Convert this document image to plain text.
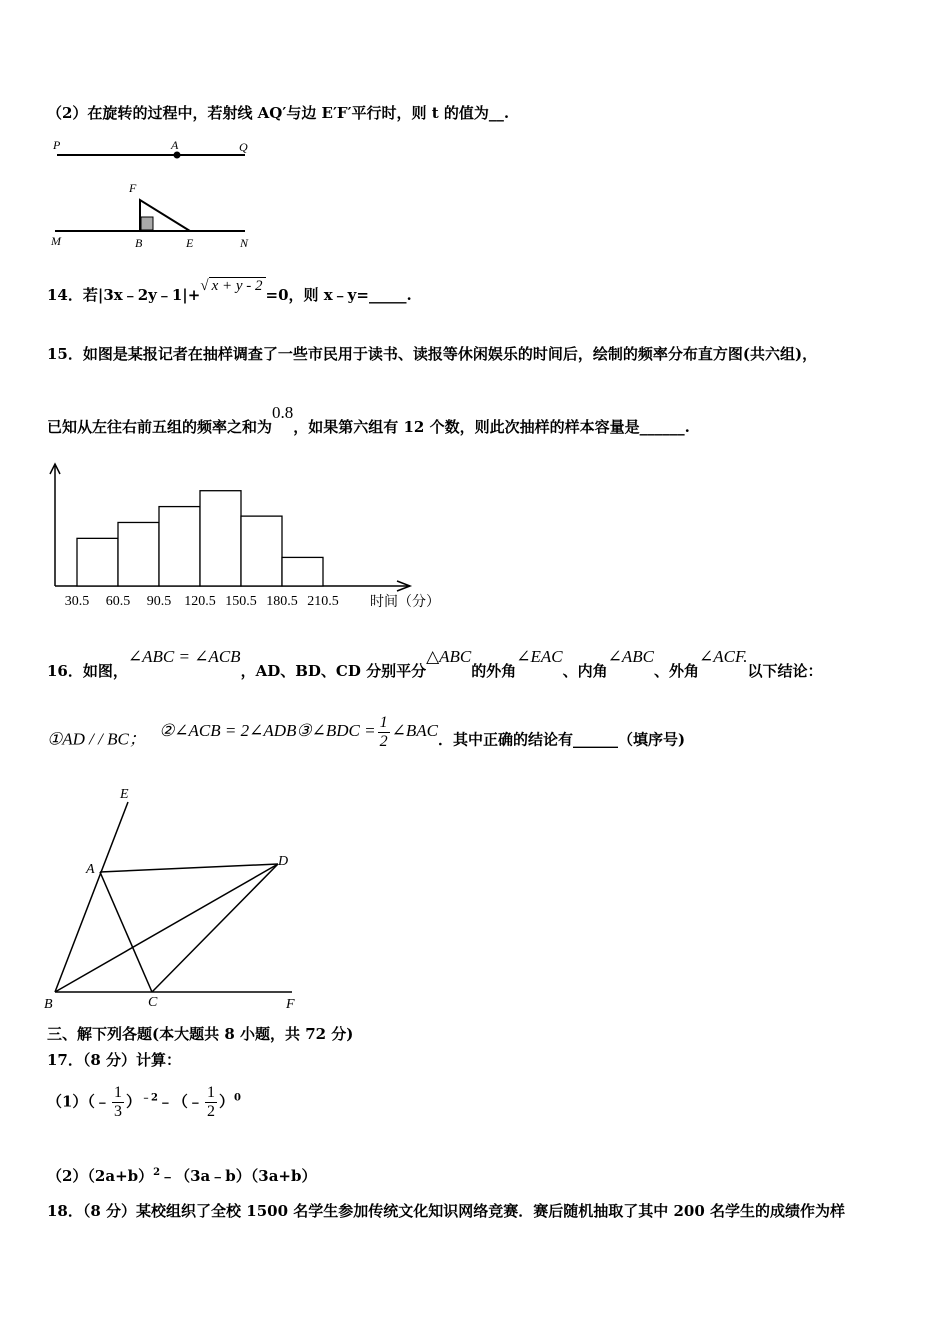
（2）在旋转的过程中，若射线 AQ′与边 E′F′平行时，则 t 的值为__.
P	A	Q
F
M	B	E	N
14．若|3x﹣2y﹣1|+√ x + y - 2 =0，则 x﹣y=_____.
15．如图是某报记者在抽样调查了一些市民用于读书、读报等休闲娱乐的时间后，绘制的频率分布直方图(共六组)，
已知从左往右前五组的频率之和为0.8，如果第六组有 12 个数，则此次抽样的样本容量是______.
30.5 60.5 90.5 120.5 150.5 180.5 210.5 时间（分）
16．如图，∠ABC = ∠ACB，AD、BD、CD 分别平分△ABC的外角∠EAC、内角∠ABC、外角∠ACF.以下结论：
①AD / / BC； ②∠ACB = 2∠ADB③∠BDC = $\frac{1}{2}$ ∠BAC．其中正确的结论有______（填序号)
E
A
D
B	C	F
三、解下列各题(本大题共 8 小题，共 72 分)
17．（8 分）计算：
（1）（﹣ $\frac{1}{3}$ ）$^{﹣2}$﹣（﹣ $\frac{1}{2} )^0$
$(2)(2a+b)^2﹣(3a﹣b)(3a+b)$
18．（8 分）某校组织了全校 1500 名学生参加传统文化知识网络竞赛．赛后随机抽取了其中 200 名学生的成绩作为样
